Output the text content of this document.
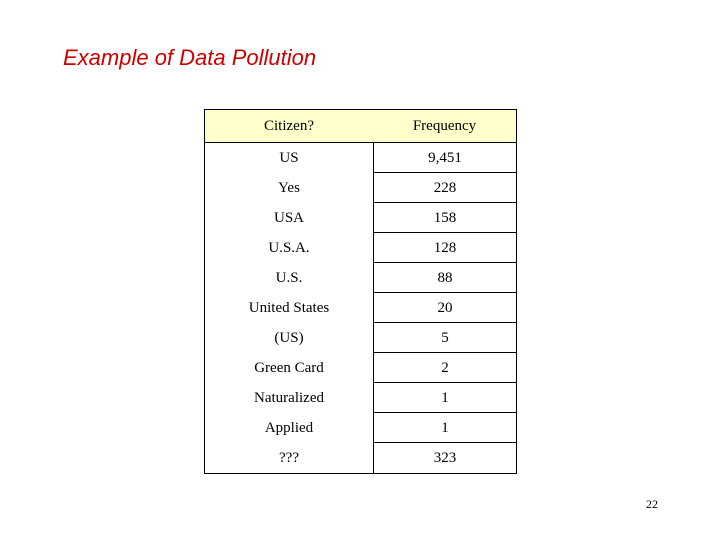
Example of Data Pollution
Citizen?	Frequency
US	9,451
Yes	228
USA	158
U.S.A.	128
U.S.	88
United States	20
(US)	5
Green Card	2
Naturalized	1
Applied	1
???	323
22
